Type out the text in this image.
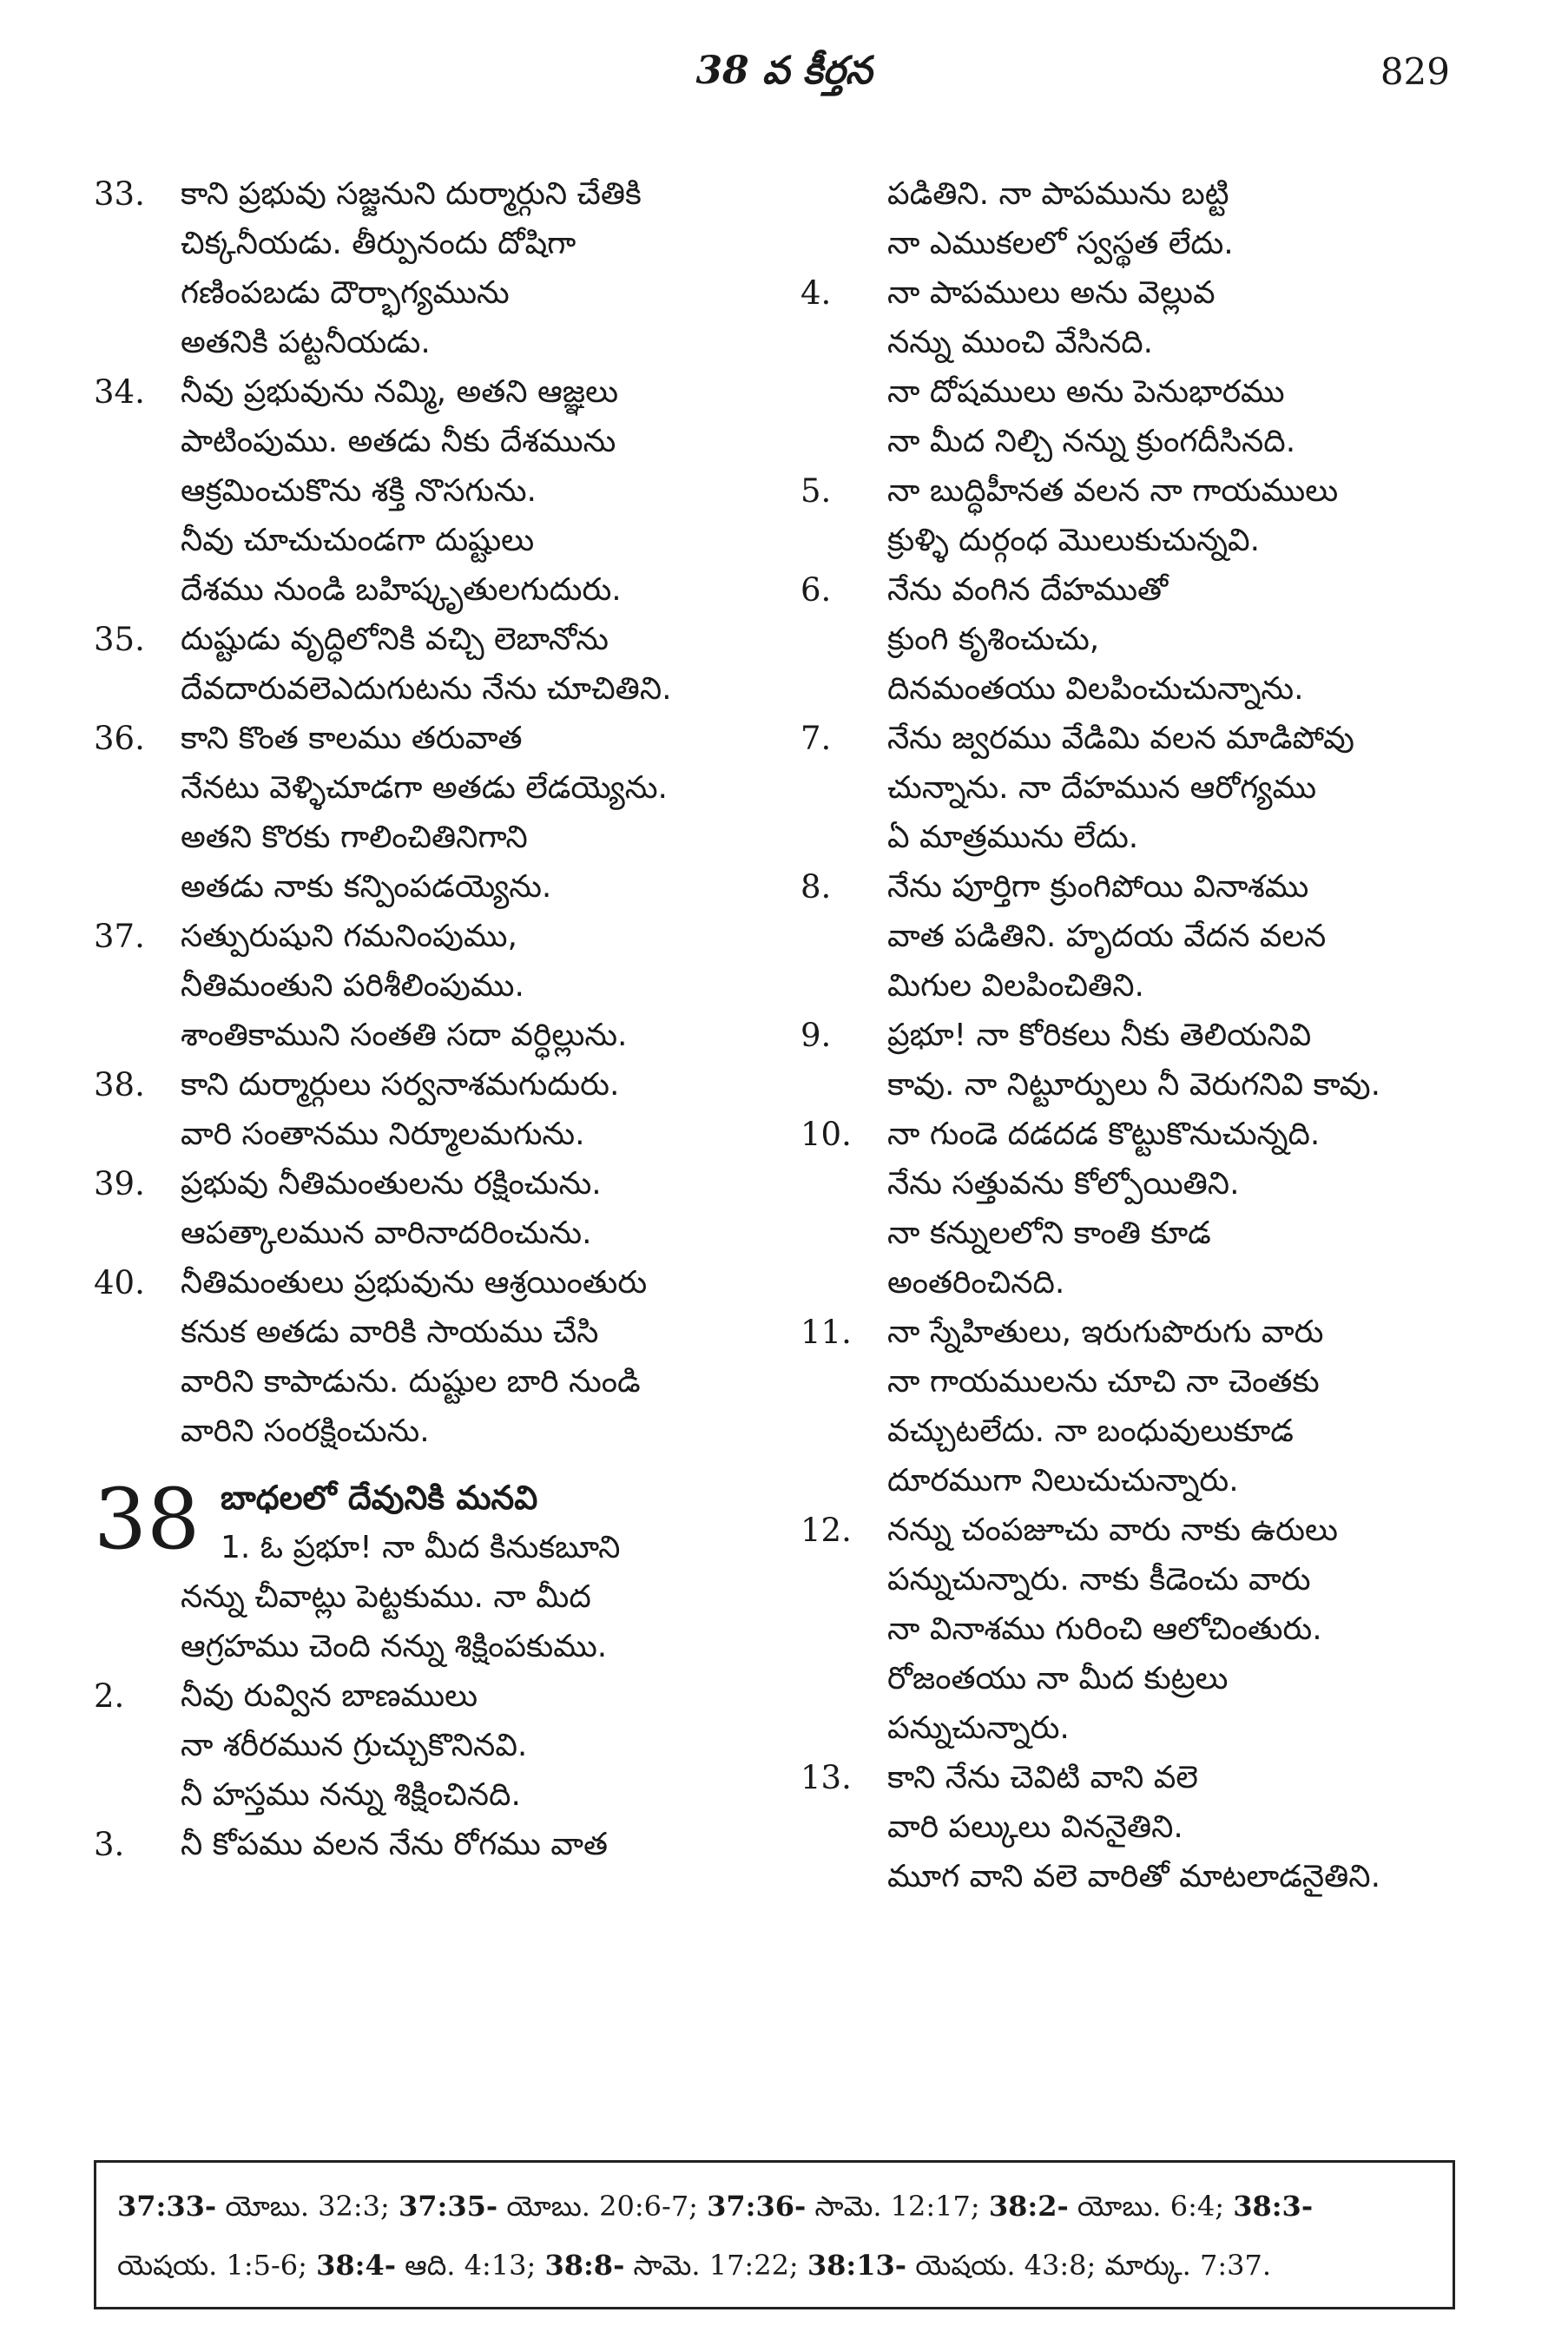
38 వ కీర్తన	829
33.	కాని ప్రభువు సజ్జనుని దుర్మార్గుని చేతికి
చిక్కనీయడు. తీర్పునందు దోషిగా
గణింపబడు దౌర్భాగ్యమును
అతనికి పట్టనీయడు.
34.	నీవు ప్రభువును నమ్మి, అతని ఆజ్ఞలు
పాటింపుము. అతడు నీకు దేశమును
ఆక్రమించుకొను శక్తి నొసగును.
నీవు చూచుచుండగా దుష్టులు
దేశము నుండి బహిష్కృతులగుదురు.
35.	దుష్టుడు వృద్ధిలోనికి వచ్చి లెబానోను
దేవదారువలెఎదుగుటను నేను చూచితిని.
36.	కాని కొంత కాలము తరువాత
నేనటు వెళ్ళిచూడగా అతడు లేడయ్యెను.
అతని కొరకు గాలించితినిగాని
అతడు నాకు కన్పింపడయ్యెను.
37.	సత్పురుషుని గమనింపుము,
నీతిమంతుని పరిశీలింపుము.
శాంతికాముని సంతతి సదా వర్ధిల్లును.
38.	కాని దుర్మార్గులు సర్వనాశమగుదురు.
వారి సంతానము నిర్మూలమగును.
39.	ప్రభువు నీతిమంతులను రక్షించును.
ఆపత్కాలమున వారినాదరించును.
40.	నీతిమంతులు ప్రభువును ఆశ్రయింతురు
కనుక అతడు వారికి సాయము చేసి
వారిని కాపాడును. దుష్టుల బారి నుండి
వారిని సంరక్షించును.
38 బాధలలో దేవునికి మనవి
1. ఓ ప్రభూ! నా మీద కినుకబూని
నన్ను చీవాట్లు పెట్టకుము. నా మీద
ఆగ్రహము చెంది నన్ను శిక్షింపకుము.
2.	నీవు రువ్విన బాణములు
నా శరీరమున గ్రుచ్చుకొనినవి.
నీ హస్తము నన్ను శిక్షించినది.
3.	నీ కోపము వలన నేను రోగము వాత
పడితిని. నా పాపమును బట్టి
నా ఎముకలలో స్వస్థత లేదు.
4.	నా పాపములు అను వెల్లువ
నన్ను ముంచి వేసినది.
నా దోషములు అను పెనుభారము
నా మీద నిల్చి నన్ను క్రుంగదీసినది.
5.	నా బుద్ధిహీనత వలన నా గాయములు
క్రుళ్ళి దుర్గంధ మొలుకుచున్నవి.
6.	నేను వంగిన దేహముతో
క్రుంగి కృశించుచు,
దినమంతయు విలపించుచున్నాను.
7.	నేను జ్వరము వేడిమి వలన మాడిపోవు
చున్నాను. నా దేహమున ఆరోగ్యము
ఏ మాత్రమును లేదు.
8.	నేను పూర్తిగా క్రుంగిపోయి వినాశము
వాత పడితిని. హృదయ వేదన వలన
మిగుల విలపించితిని.
9.	ప్రభూ! నా కోరికలు నీకు తెలియనివి
కావు. నా నిట్టూర్పులు నీ వెరుగనివి కావు.
10.	నా గుండె దడదడ కొట్టుకొనుచున్నది.
నేను సత్తువను కోల్పోయితిని.
నా కన్నులలోని కాంతి కూడ
అంతరించినది.
11.	నా స్నేహితులు, ఇరుగుపొరుగు వారు
నా గాయములను చూచి నా చెంతకు
వచ్చుటలేదు. నా బంధువులుకూడ
దూరముగా నిలుచుచున్నారు.
12.	నన్ను చంపజూచు వారు నాకు ఉరులు
పన్నుచున్నారు. నాకు కీడెంచు వారు
నా వినాశము గురించి ఆలోచింతురు.
రోజంతయు నా మీద కుట్రలు
పన్నుచున్నారు.
13.	కాని నేను చెవిటి వాని వలె
వారి పల్కులు విననైతిని.
మూగ వాని వలె వారితో మాటలాడనైతిని.
37:33- యోబు. 32:3; 37:35- యోబు. 20:6-7; 37:36- సామె. 12:17; 38:2- యోబు. 6:4; 38:3-
యెషయ. 1:5-6; 38:4- ఆది. 4:13; 38:8- సామె. 17:22; 38:13- యెషయ. 43:8; మార్కు. 7:37.
